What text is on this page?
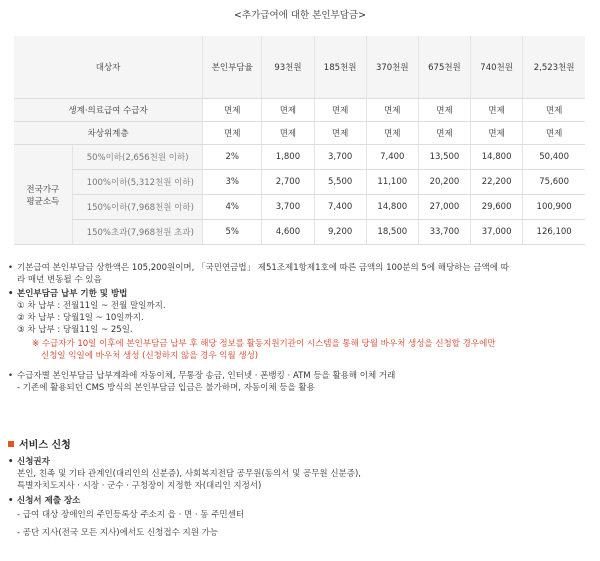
<추가급여에 대한 본인부담금>
대상자		본인부담율	93천원	185천원	370천원	675천원	740천원	2,523천원
생계·의료급여 수급자		면제	면제	면제	면제	면제	면제	면제
차상위계층		면제	면제	면제	면제	면제	면제	면제

전국가구
평균소득	50%이하(2,656천원 이하)	2%	1,800	3,700	7,400	13,500	14,800	50,400
	100%이하(5,312천원 이하)	3%	2,700	5,500	11,100	20,200	22,200	75,600
	150%이하(7,968천원 이하)	4%	3,700	7,400	14,800	27,000	29,600	100,900
	150%초과(7,968천원 초과)	5%	4,600	9,200	18,500	33,700	37,000	126,100

• 기본급여 본인부담금 상한액은 105,200원이며, 「국민연금법」 제51조제1항제1호에 따른 금액의 100분의 5에 해당하는 금액에 따

라 매년 변동될 수 있음

• 본인부담금 납부 기한 및 방법

① 차 납부 : 전월11일 ~ 전월 말일까지.

② 차 납부 : 당월1일 ~ 10일까지.

③ 차 납부 : 당월11일 ~ 25일.

※ 수급자가 10일 이후에 본인부담금 납부 후 해당 정보를 활동지원기관이 시스템을 통해 당월 바우처 생성을 신청할 경우에만

신청일 익일에 바우처 생성 (신청하지 않을 경우 익월 생성)

• 수급자별 본인부담금 납부계좌에 자동이체, 무통장 송금, 인터넷 · 폰뱅킹 · ATM 등을 활용해 이체 거래

- 기존에 활용되던 CMS 방식의 본인부담금 입금은 불가하며, 자동이체 등을 활용

서비스 신청

• 신청권자

본인, 친족 및 기타 관계인(대리인의 신분증), 사회복지전담 공무원(동의서 및 공무원 신분증),

특별자치도지사 · 시장 · 군수 · 구청장이 지정한 자(대리인 지정서)

• 신청서 제출 장소

- 급여 대상 장애인의 주민등록상 주소지 읍 · 면 · 동 주민센터

- 공단 지사(전국 모든 지사)에서도 신청접수 지원 가능
